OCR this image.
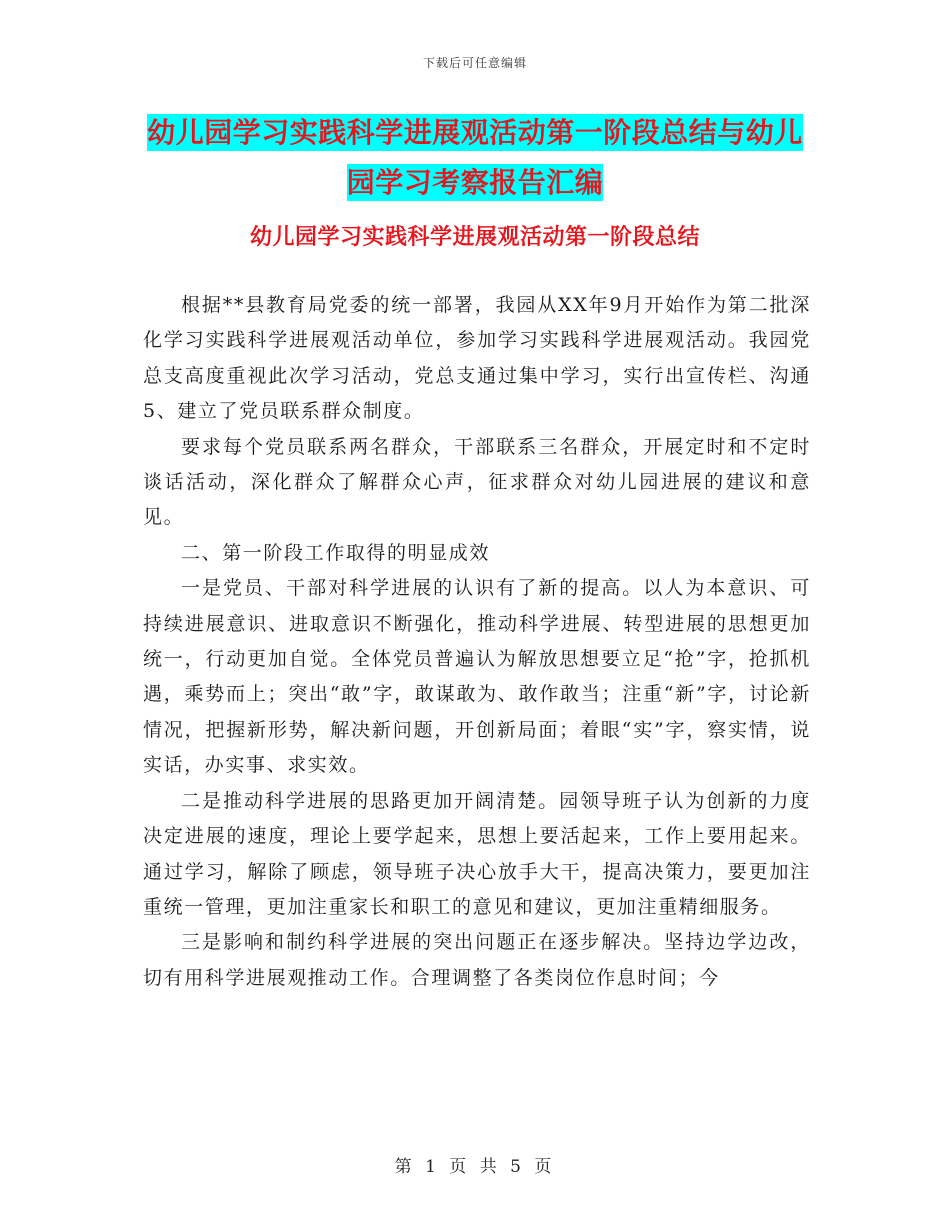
下载后可任意编辑
幼儿园学习实践科学进展观活动第一阶段总结与幼儿
园学习考察报告汇编
幼儿园学习实践科学进展观活动第一阶段总结

根据**县教育局党委的统一部署，我园从XX年9月开始作为第二批深化学习实践科学进展观活动单位，参加学习实践科学进展观活动。我园党总支高度重视此次学习活动，党总支通过集中学习，实行出宣传栏、沟通 5、建立了党员联系群众制度。

要求每个党员联系两名群众，干部联系三名群众，开展定时和不定时谈话活动，深化群众了解群众心声，征求群众对幼儿园进展的建议和意见。

二、第一阶段工作取得的明显成效

一是党员、干部对科学进展的认识有了新的提高。以人为本意识、可持续进展意识、进取意识不断强化，推动科学进展、转型进展的思想更加统一，行动更加自觉。全体党员普遍认为解放思想要立足“抢”字，抢抓机遇，乘势而上；突出“敢”字，敢谋敢为、敢作敢当；注重“新”字，讨论新情况，把握新形势，解决新问题，开创新局面；着眼“实”字，察实情，说实话，办实事、求实效。

二是推动科学进展的思路更加开阔清楚。园领导班子认为创新的力度决定进展的速度，理论上要学起来，思想上要活起来，工作上要用起来。通过学习，解除了顾虑，领导班子决心放手大干，提高决策力，要更加注重统一管理，更加注重家长和职工的意见和建议，更加注重精细服务。

三是影响和制约科学进展的突出问题正在逐步解决。坚持边学边改，切有用科学进展观推动工作。合理调整了各类岗位作息时间；今

第 1 页 共 5 页
